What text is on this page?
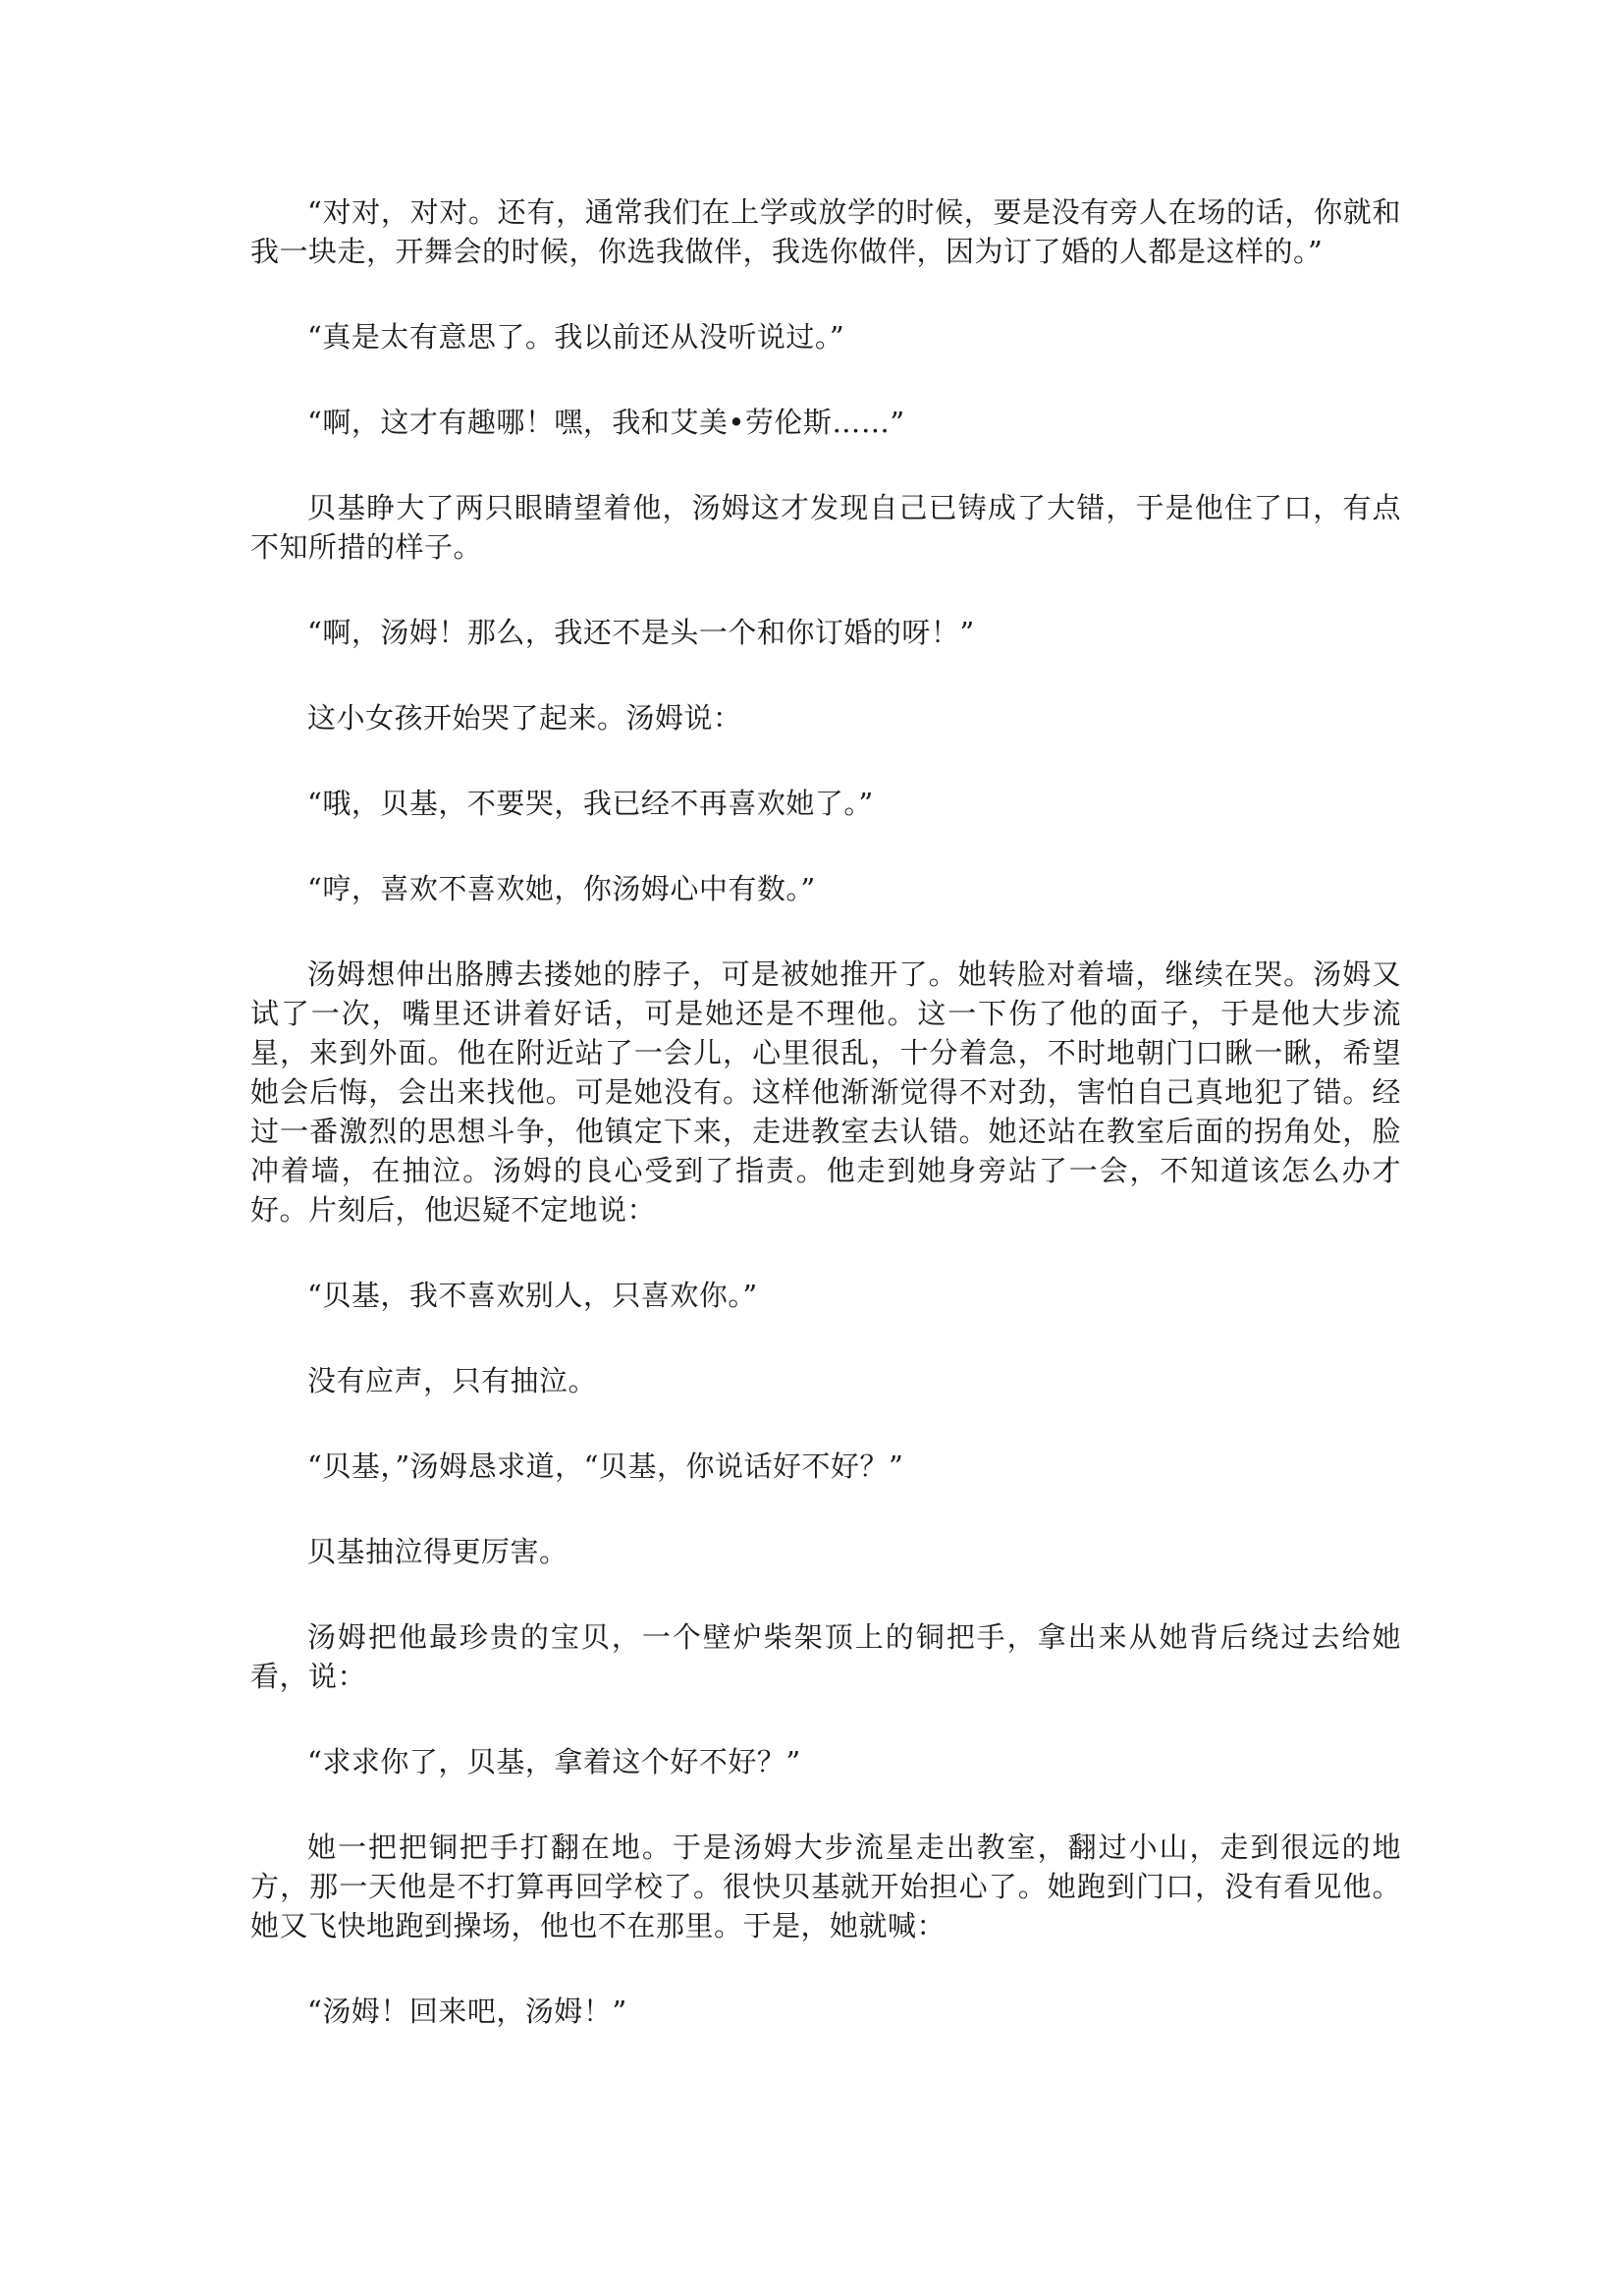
“对对，对对。还有，通常我们在上学或放学的时候，要是没有旁人在场的话，你就和我一块走，开舞会的时候，你选我做伴，我选你做伴，因为订了婚的人都是这样的。”

“真是太有意思了。我以前还从没听说过。”

“啊，这才有趣哪！嘿，我和艾美•劳伦斯……”

贝基睁大了两只眼睛望着他，汤姆这才发现自己已铸成了大错，于是他住了口，有点不知所措的样子。

“啊，汤姆！那么，我还不是头一个和你订婚的呀！”

这小女孩开始哭了起来。汤姆说：

“哦，贝基，不要哭，我已经不再喜欢她了。”

“哼，喜欢不喜欢她，你汤姆心中有数。”

汤姆想伸出胳膊去搂她的脖子，可是被她推开了。她转脸对着墙，继续在哭。汤姆又试了一次，嘴里还讲着好话，可是她还是不理他。这一下伤了他的面子，于是他大步流星，来到外面。他在附近站了一会儿，心里很乱，十分着急，不时地朝门口瞅一瞅，希望她会后悔，会出来找他。可是她没有。这样他渐渐觉得不对劲，害怕自己真地犯了错。经过一番激烈的思想斗争，他镇定下来，走进教室去认错。她还站在教室后面的拐角处，脸冲着墙，在抽泣。汤姆的良心受到了指责。他走到她身旁站了一会，不知道该怎么办才好。片刻后，他迟疑不定地说：

“贝基，我不喜欢别人，只喜欢你。”

没有应声，只有抽泣。

“贝基，”汤姆恳求道，“贝基，你说话好不好？”

贝基抽泣得更厉害。

汤姆把他最珍贵的宝贝，一个壁炉柴架顶上的铜把手，拿出来从她背后绕过去给她看，说：

“求求你了，贝基，拿着这个好不好？”

她一把把铜把手打翻在地。于是汤姆大步流星走出教室，翻过小山，走到很远的地方，那一天他是不打算再回学校了。很快贝基就开始担心了。她跑到门口，没有看见他。她又飞快地跑到操场，他也不在那里。于是，她就喊：

“汤姆！回来吧，汤姆！”
